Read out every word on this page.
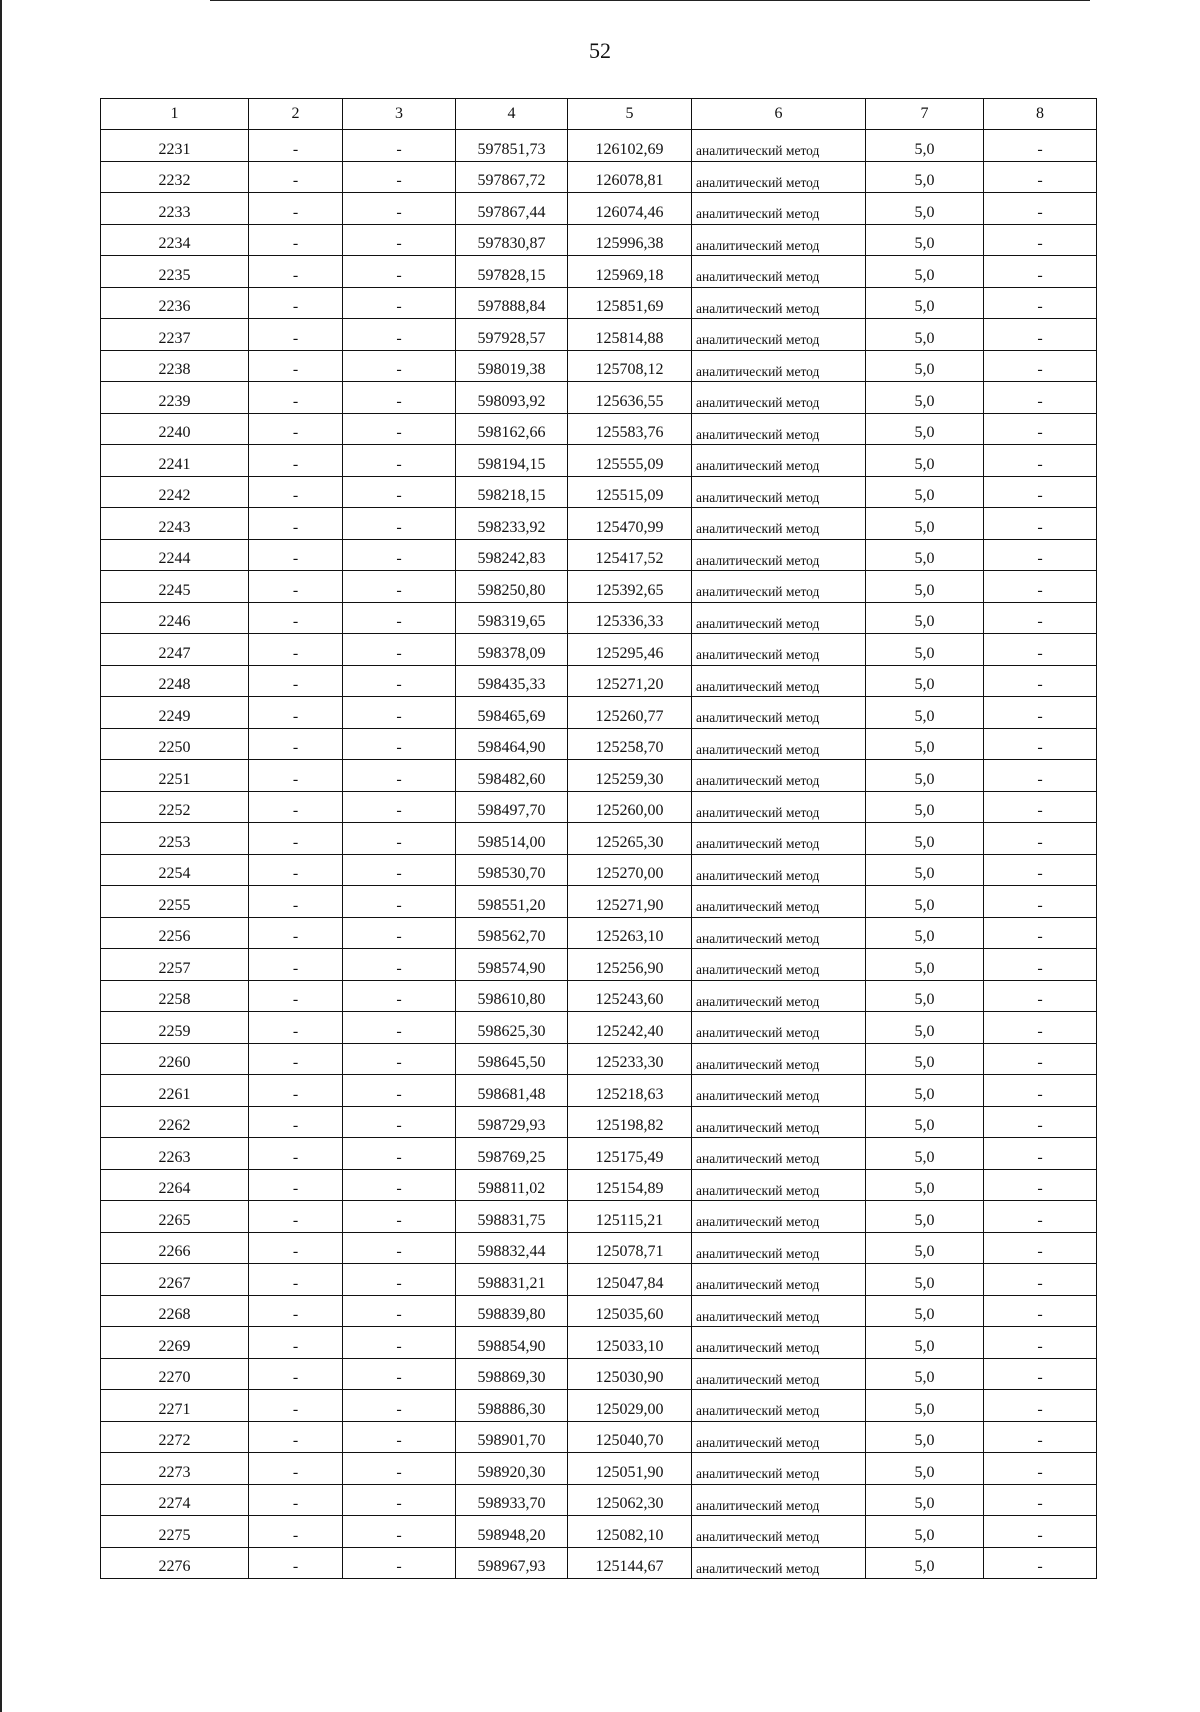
52
1	2	3	4	5	6	7	8
2231	-	-	597851,73	126102,69	аналитический метод	5,0	-
2232	-	-	597867,72	126078,81	аналитический метод	5,0	-
2233	-	-	597867,44	126074,46	аналитический метод	5,0	-
2234	-	-	597830,87	125996,38	аналитический метод	5,0	-
2235	-	-	597828,15	125969,18	аналитический метод	5,0	-
2236	-	-	597888,84	125851,69	аналитический метод	5,0	-
2237	-	-	597928,57	125814,88	аналитический метод	5,0	-
2238	-	-	598019,38	125708,12	аналитический метод	5,0	-
2239	-	-	598093,92	125636,55	аналитический метод	5,0	-
2240	-	-	598162,66	125583,76	аналитический метод	5,0	-
2241	-	-	598194,15	125555,09	аналитический метод	5,0	-
2242	-	-	598218,15	125515,09	аналитический метод	5,0	-
2243	-	-	598233,92	125470,99	аналитический метод	5,0	-
2244	-	-	598242,83	125417,52	аналитический метод	5,0	-
2245	-	-	598250,80	125392,65	аналитический метод	5,0	-
2246	-	-	598319,65	125336,33	аналитический метод	5,0	-
2247	-	-	598378,09	125295,46	аналитический метод	5,0	-
2248	-	-	598435,33	125271,20	аналитический метод	5,0	-
2249	-	-	598465,69	125260,77	аналитический метод	5,0	-
2250	-	-	598464,90	125258,70	аналитический метод	5,0	-
2251	-	-	598482,60	125259,30	аналитический метод	5,0	-
2252	-	-	598497,70	125260,00	аналитический метод	5,0	-
2253	-	-	598514,00	125265,30	аналитический метод	5,0	-
2254	-	-	598530,70	125270,00	аналитический метод	5,0	-
2255	-	-	598551,20	125271,90	аналитический метод	5,0	-
2256	-	-	598562,70	125263,10	аналитический метод	5,0	-
2257	-	-	598574,90	125256,90	аналитический метод	5,0	-
2258	-	-	598610,80	125243,60	аналитический метод	5,0	-
2259	-	-	598625,30	125242,40	аналитический метод	5,0	-
2260	-	-	598645,50	125233,30	аналитический метод	5,0	-
2261	-	-	598681,48	125218,63	аналитический метод	5,0	-
2262	-	-	598729,93	125198,82	аналитический метод	5,0	-
2263	-	-	598769,25	125175,49	аналитический метод	5,0	-
2264	-	-	598811,02	125154,89	аналитический метод	5,0	-
2265	-	-	598831,75	125115,21	аналитический метод	5,0	-
2266	-	-	598832,44	125078,71	аналитический метод	5,0	-
2267	-	-	598831,21	125047,84	аналитический метод	5,0	-
2268	-	-	598839,80	125035,60	аналитический метод	5,0	-
2269	-	-	598854,90	125033,10	аналитический метод	5,0	-
2270	-	-	598869,30	125030,90	аналитический метод	5,0	-
2271	-	-	598886,30	125029,00	аналитический метод	5,0	-
2272	-	-	598901,70	125040,70	аналитический метод	5,0	-
2273	-	-	598920,30	125051,90	аналитический метод	5,0	-
2274	-	-	598933,70	125062,30	аналитический метод	5,0	-
2275	-	-	598948,20	125082,10	аналитический метод	5,0	-
2276	-	-	598967,93	125144,67	аналитический метод	5,0	-
